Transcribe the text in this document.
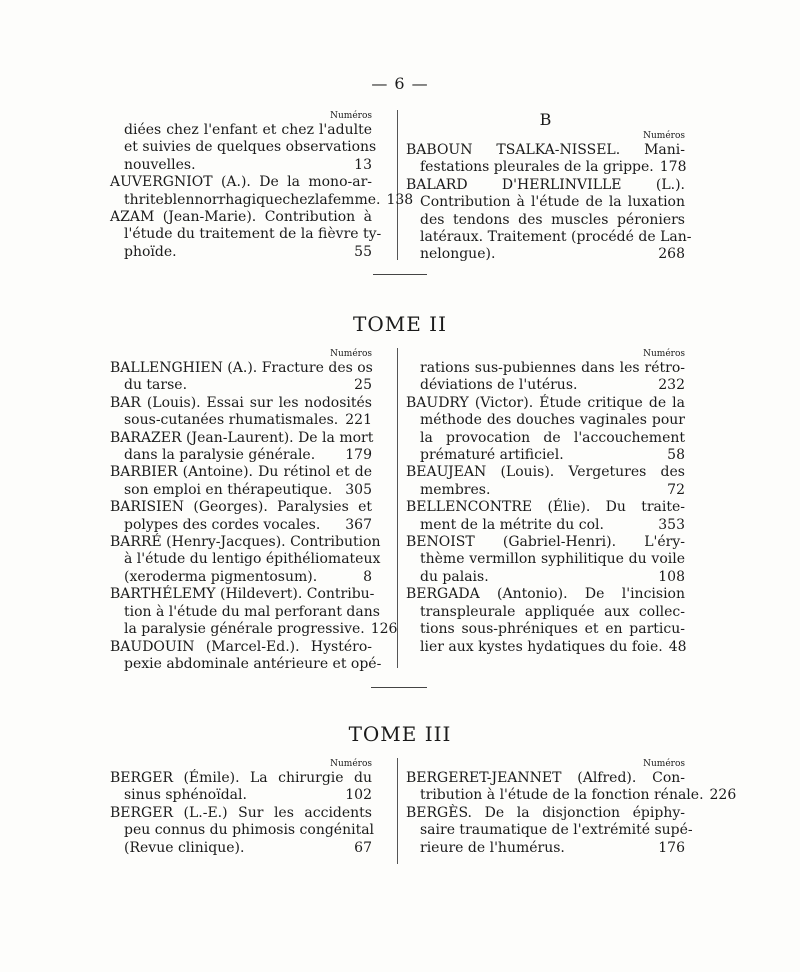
— 6 —
Numéros
diées chez l'enfant et chez l'adulte
et suivies de quelques observations
nouvelles.	13
AUVERGNIOT (A.). De la mono-ar-
thriteblennorrhagiquechezlafemme. 138
AZAM (Jean-Marie). Contribution à
l'étude du traitement de la fièvre ty-
phoïde.	55
B
Numéros
BABOUN TSALKA-NISSEL. Mani-
festations pleurales de la grippe. 178
BALARD D'HERLINVILLE (L.).
Contribution à l'étude de la luxation
des tendons des muscles péroniers
latéraux. Traitement (procédé de Lan-
nelongue).	268
TOME II
Numéros
BALLENGHIEN (A.). Fracture des os
du tarse.	25
BAR (Louis). Essai sur les nodosités
sous-cutanées rhumatismales. 221
BARAZER (Jean-Laurent). De la mort
dans la paralysie générale.	179
BARBIER (Antoine). Du rétinol et de
son emploi en thérapeutique. 305
BARISIEN (Georges). Paralysies et
polypes des cordes vocales.	367
BARRÉ (Henry-Jacques). Contribution
à l'étude du lentigo épithéliomateux
(xeroderma pigmentosum).	8
BARTHÉLEMY (Hildevert). Contribu-
tion à l'étude du mal perforant dans
la paralysie générale progressive. 126
BAUDOUIN (Marcel-Ed.). Hystéro-
pexie abdominale antérieure et opé-
Numéros
rations sus-pubiennes dans les rétro-
déviations de l'utérus.	232
BAUDRY (Victor). Étude critique de la
méthode des douches vaginales pour
la provocation de l'accouchement
prématuré artificiel.	58
BEAUJEAN (Louis). Vergetures des
membres.	72
BELLENCONTRE (Élie). Du traite-
ment de la métrite du col.	353
BENOIST (Gabriel-Henri). L'éry-
thème vermillon syphilitique du voile
du palais.	108
BERGADA (Antonio). De l'incision
transpleurale appliquée aux collec-
tions sous-phréniques et en particu-
lier aux kystes hydatiques du foie. 48
TOME III
Numéros
BERGER (Émile). La chirurgie du
sinus sphénoïdal.	102
BERGER (L.-E.) Sur les accidents
peu connus du phimosis congénital
(Revue clinique).	67
Numéros
BERGERET-JEANNET (Alfred). Con-
tribution à l'étude de la fonction rénale. 226
BERGÈS. De la disjonction épiphy-
saire traumatique de l'extrémité supé-
rieure de l'humérus.	176
